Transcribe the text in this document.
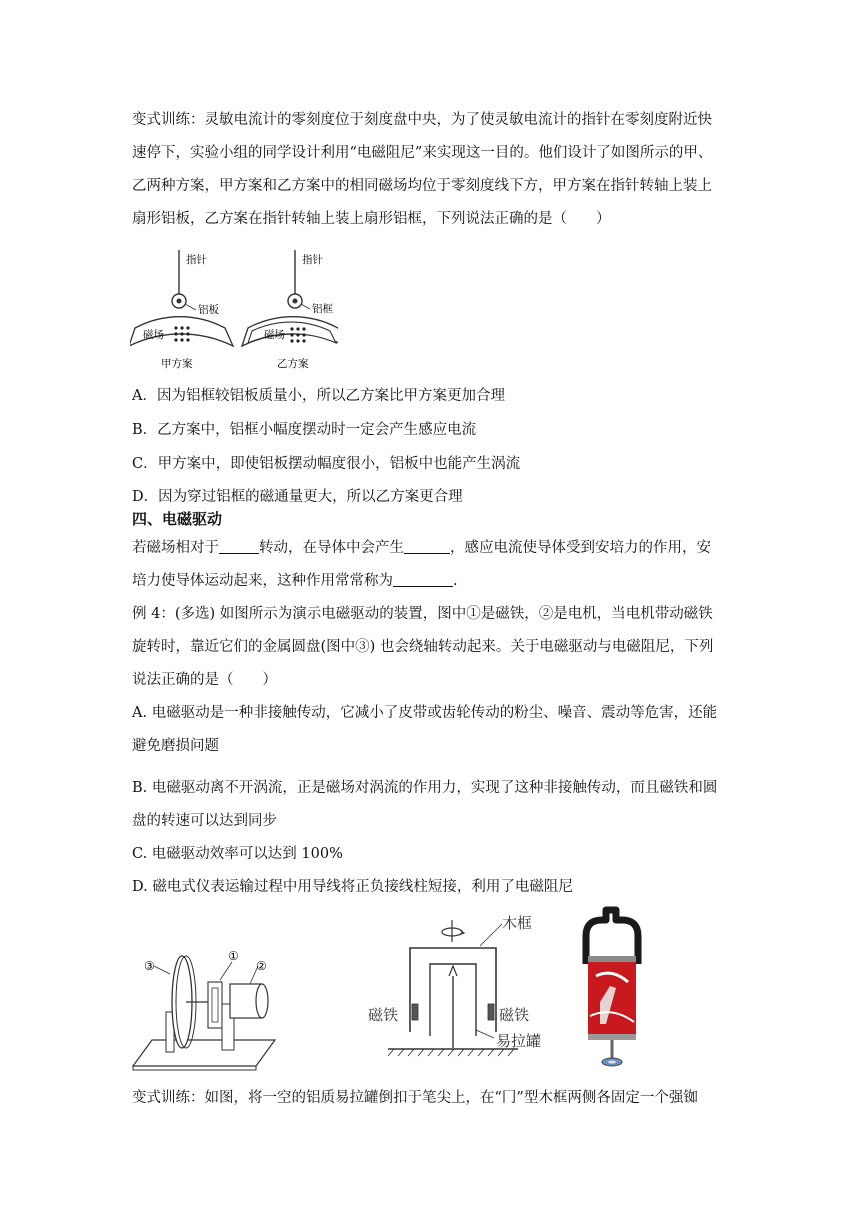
变式训练：灵敏电流计的零刻度位于刻度盘中央，为了使灵敏电流计的指针在零刻度附近快
速停下，实验小组的同学设计利用“电磁阻尼”来实现这一目的。他们设计了如图所示的甲、
乙两种方案，甲方案和乙方案中的相同磁场均位于零刻度线下方，甲方案在指针转轴上装上
扇形铝板，乙方案在指针转轴上装上扇形铝框，下列说法正确的是（　　）
指针
铝板
磁场
甲方案
指针
铝框
磁场
乙方案

A．因为铝框较铝板质量小，所以乙方案比甲方案更加合理

B．乙方案中，铝框小幅度摆动时一定会产生感应电流

C．甲方案中，即使铝板摆动幅度很小，铝板中也能产生涡流

D．因为穿过铝框的磁通量更大，所以乙方案更合理

四、电磁驱动

若磁场相对于	转动，在导体中会产生	，感应电流使导体受到安培力的作用，安
培力使导体运动起来，这种作用常常称为	.
例 4：(多选) 如图所示为演示电磁驱动的装置，图中①是磁铁，②是电机，当电机带动磁铁
旋转时，靠近它们的金属圆盘(图中③) 也会绕轴转动起来。关于电磁驱动与电磁阻尼，下列
说法正确的是（　　）
A. 电磁驱动是一种非接触传动，它减小了皮带或齿轮传动的粉尘、噪音、震动等危害，还能
避免磨损问题
B. 电磁驱动离不开涡流，正是磁场对涡流的作用力，实现了这种非接触传动，而且磁铁和圆
盘的转速可以达到同步
C. 电磁驱动效率可以达到 100%
D. 磁电式仪表运输过程中用导线将正负接线柱短接，利用了电磁阻尼
③
①
②
木框
磁铁	磁铁
易拉罐
变式训练：如图，将一空的铝质易拉罐倒扣于笔尖上，在“冂”型木框两侧各固定一个强铷
